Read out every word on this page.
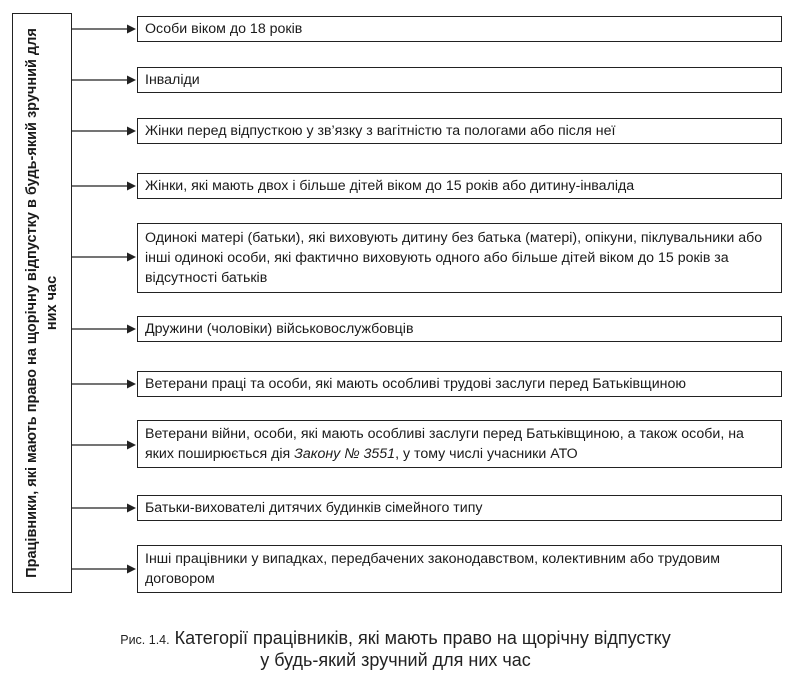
Працівники, які мають право на щорічну відпустку в будь-який зручний для них час
Особи віком до 18 років
Інваліди
Жінки перед відпусткою у зв’язку з вагітністю та пологами або після неї
Жінки, які мають двох і більше дітей віком до 15 років або дитину-інваліда
Одинокі матері (батьки), які виховують дитину без батька (матері), опікуни, піклувальники або інші одинокі особи, які фактично виховують одного або більше дітей віком до 15 років за відсутності батьків
Дружини (чоловіки) військовослужбовців
Ветерани праці та особи, які мають особливі трудові заслуги перед Батьківщиною
Ветерани війни, особи, які мають особливі заслуги перед Батьківщиною, а також особи, на яких поширюється дія Закону № 3551, у тому числі учасники АТО
Батьки-вихователі дитячих будинків сімейного типу
Інші працівники у випадках, передбачених законодавством, колективним або трудовим договором
Рис. 1.4. Категорії працівників, які мають право на щорічну відпустку
у будь-який зручний для них час
